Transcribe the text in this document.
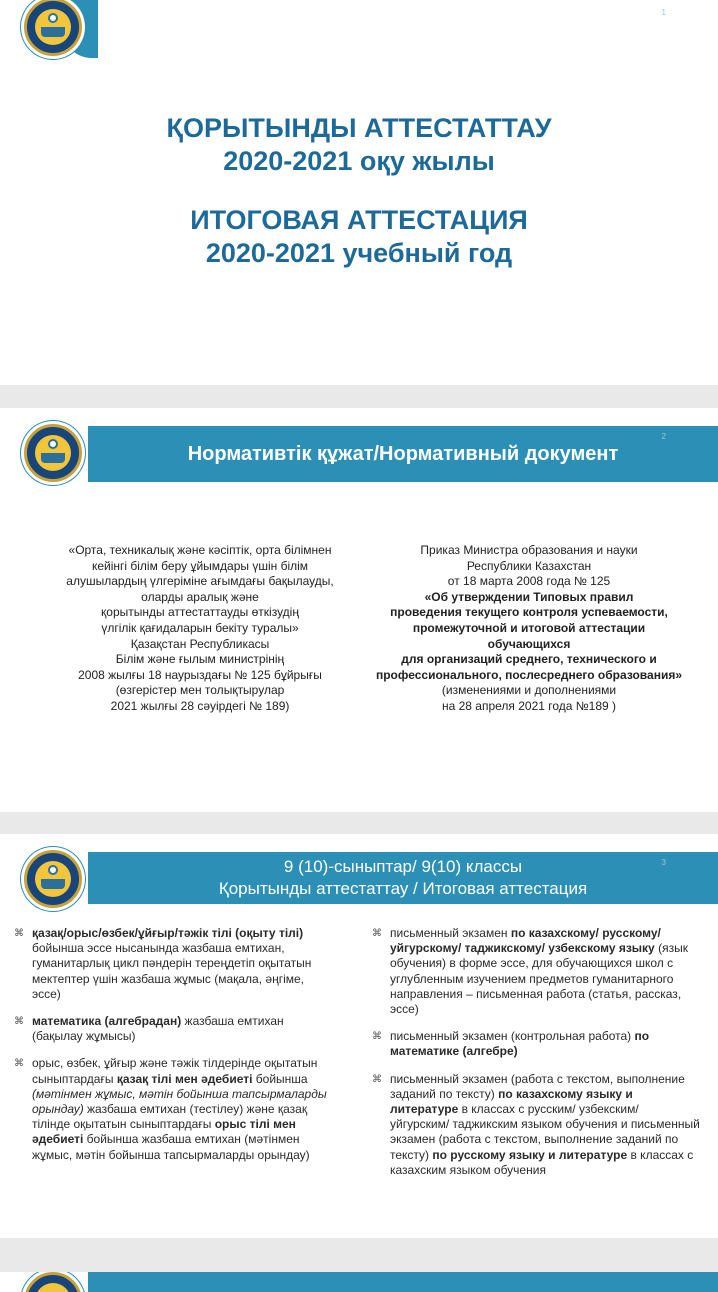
1
ҚОРЫТЫНДЫ АТТЕСТАТТАУ
2020-2021 оқу жылы
ИТОГОВАЯ АТТЕСТАЦИЯ
2020-2021 учебный год
Нормативтік құжат/Нормативный документ
2
«Орта, техникалық және кәсіптік, орта білімнен
кейінгі білім беру ұйымдары үшін білім
алушылардың үлгеріміне ағымдағы бақылауды,
оларды аралық және
қорытынды аттестаттауды өткізудің
үлгілік қағидаларын бекіту туралы»
Қазақстан Республикасы
Білім және ғылым министрінің
2008 жылғы 18 наурыздағы № 125 бұйрығы
(өзгерістер мен толықтырулар
2021 жылғы 28 сәуірдегі № 189)
Приказ Министра образования и науки
Республики Казахстан
от 18 марта 2008 года № 125
«Об утверждении Типовых правил
проведения текущего контроля успеваемости,
промежуточной и итоговой аттестации обучающихся
для организаций среднего, технического и
профессионального, послесреднего образования»
(изменениями и дополнениями
на 28 апреля 2021 года №189 )
9 (10)-сыныптар/ 9(10) классы
Қорытынды аттестаттау / Итоговая аттестация
3
⌘ қазақ/орыс/өзбек/ұйғыр/тәжік тілі (оқыту тілі) бойынша эссе нысанында жазбаша емтихан, гуманитарлық цикл пәндерін тереңдетіп оқытатын мектептер үшін жазбаша жұмыс (мақала, әңгіме, эссе)
⌘ математика (алгебрадан) жазбаша емтихан (бақылау жұмысы)
⌘ орыс, өзбек, ұйғыр және тәжік тілдерінде оқытатын сыныптардағы қазақ тілі мен әдебиеті бойынша (мәтінмен жұмыс, мәтін бойынша тапсырмаларды орындау) жазбаша емтихан (тестілеу) және қазақ тілінде оқытатын сыныптардағы орыс тілі мен әдебиеті бойынша жазбаша емтихан (мәтінмен жұмыс, мәтін бойынша тапсырмаларды орындау)
⌘ письменный экзамен по казахскому/ русскому/ уйгурскому/ таджикскому/ узбекскому языку (язык обучения) в форме эссе, для обучающихся школ с углубленным изучением предметов гуманитарного направления – письменная работа (статья, рассказ, эссе)
⌘ письменный экзамен (контрольная работа) по математике (алгебре)
⌘ письменный экзамен (работа с текстом, выполнение заданий по тексту) по казахскому языку и литературе в классах с русским/ узбекским/ уйгурским/ таджикским языком обучения и письменный экзамен (работа с текстом, выполнение заданий по тексту) по русскому языку и литературе в классах с казахским языком обучения
